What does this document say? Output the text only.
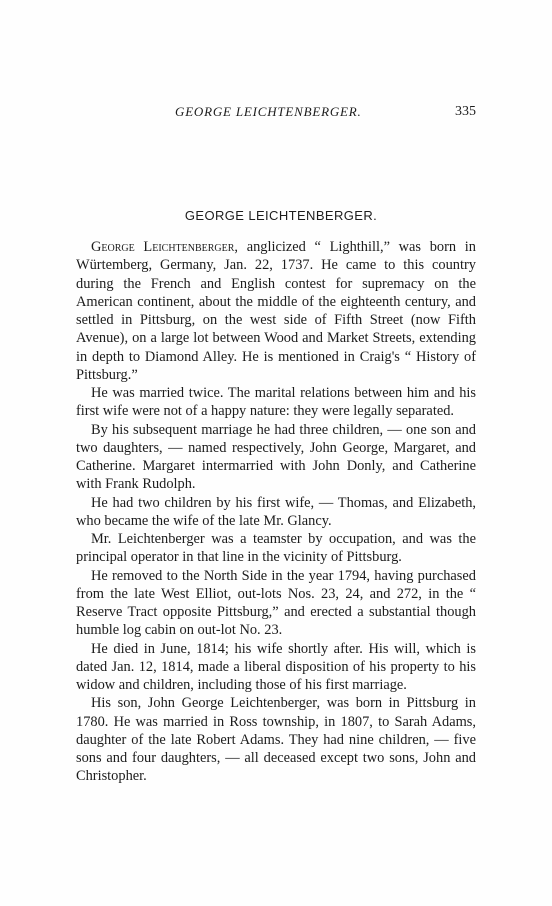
GEORGE LEICHTENBERGER.	335
GEORGE LEICHTENBERGER.

George Leichtenberger, anglicized “ Lighthill,” was born in Würtemberg, Germany, Jan. 22, 1737. He came to this country during the French and English contest for supremacy on the American continent, about the middle of the eighteenth century, and settled in Pittsburg, on the west side of Fifth Street (now Fifth Avenue), on a large lot between Wood and Market Streets, extending in depth to Diamond Alley. He is mentioned in Craig's “ History of Pittsburg.”

He was married twice. The marital relations between him and his first wife were not of a happy nature: they were legally separated.

By his subsequent marriage he had three children, — one son and two daughters, — named respectively, John George, Margaret, and Catherine. Margaret intermarried with John Donly, and Catherine with Frank Rudolph.

He had two children by his first wife, — Thomas, and Elizabeth, who became the wife of the late Mr. Glancy.

Mr. Leichtenberger was a teamster by occupation, and was the principal operator in that line in the vicinity of Pittsburg.

He removed to the North Side in the year 1794, having purchased from the late West Elliot, out-lots Nos. 23, 24, and 272, in the “ Reserve Tract opposite Pittsburg,” and erected a substantial though humble log cabin on out-lot No. 23.

He died in June, 1814; his wife shortly after. His will, which is dated Jan. 12, 1814, made a liberal disposition of his property to his widow and children, including those of his first marriage.

His son, John George Leichtenberger, was born in Pittsburg in 1780. He was married in Ross township, in 1807, to Sarah Adams, daughter of the late Robert Adams. They had nine children, — five sons and four daughters, — all deceased except two sons, John and Christopher.
